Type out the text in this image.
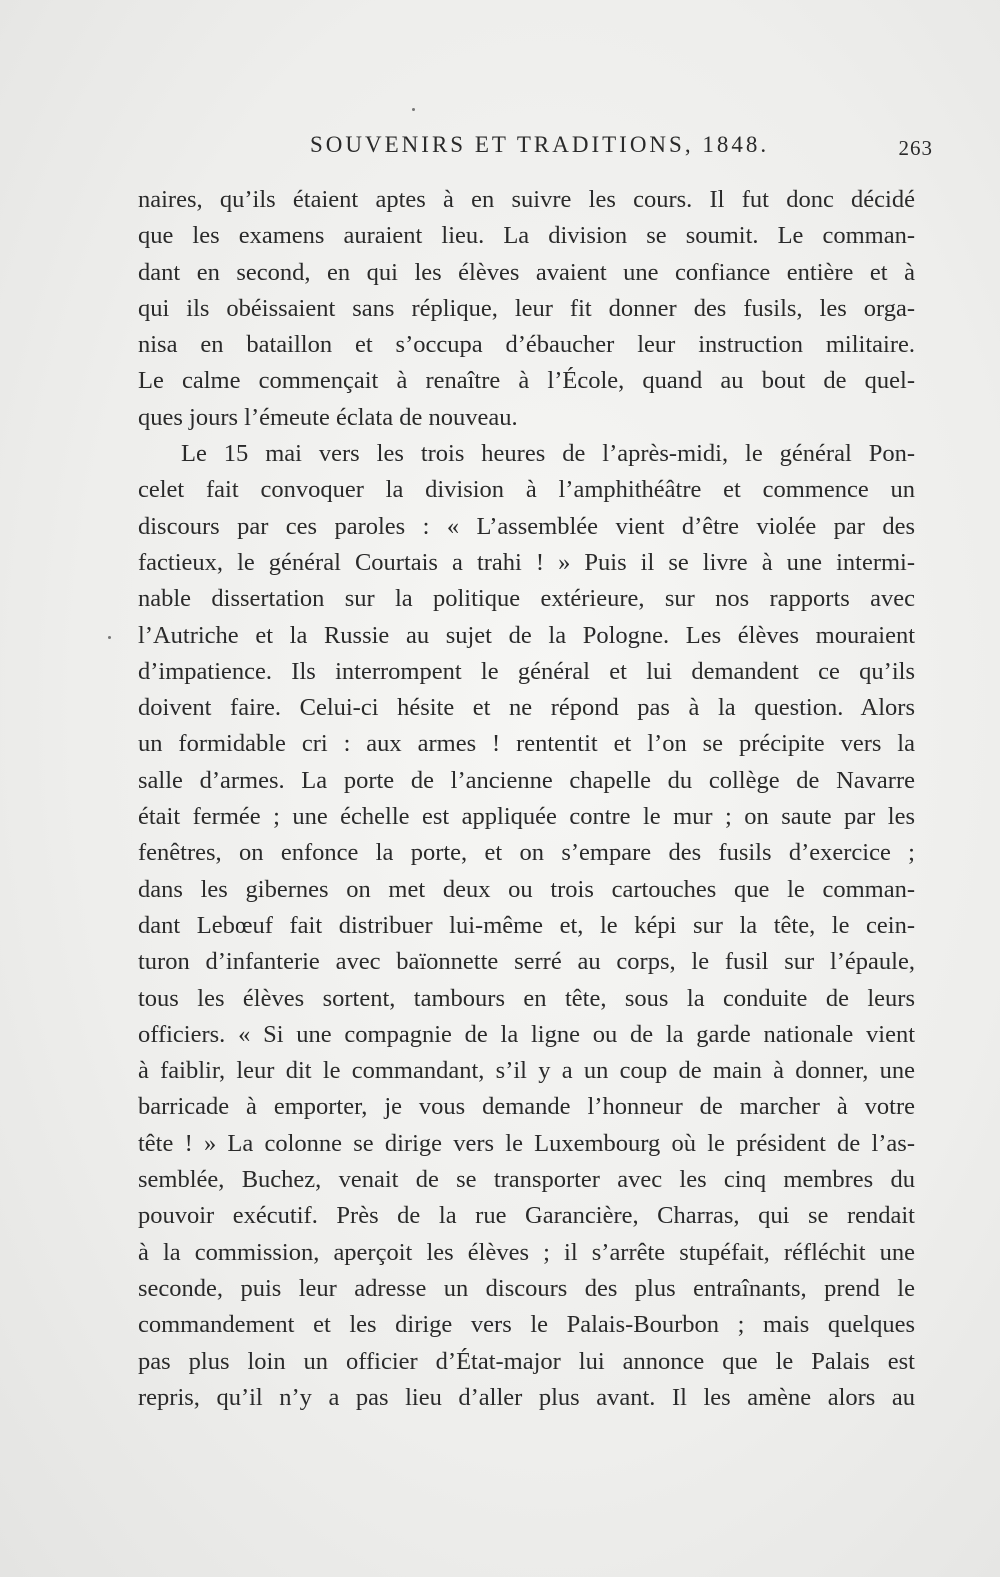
SOUVENIRS ET TRADITIONS, 1848.	263
naires, qu’ils étaient aptes à en suivre les cours. Il fut donc décidé
que les examens auraient lieu. La division se soumit. Le comman-
dant en second, en qui les élèves avaient une confiance entière et à
qui ils obéissaient sans réplique, leur fit donner des fusils, les orga-
nisa en bataillon et s’occupa d’ébaucher leur instruction militaire.
Le calme commençait à renaître à l’École, quand au bout de quel-
ques jours l’émeute éclata de nouveau.
Le 15 mai vers les trois heures de l’après-midi, le général Pon-
celet fait convoquer la division à l’amphithéâtre et commence un
discours par ces paroles : « L’assemblée vient d’être violée par des
factieux, le général Courtais a trahi ! » Puis il se livre à une intermi-
nable dissertation sur la politique extérieure, sur nos rapports avec
l’Autriche et la Russie au sujet de la Pologne. Les élèves mouraient
d’impatience. Ils interrompent le général et lui demandent ce qu’ils
doivent faire. Celui-ci hésite et ne répond pas à la question. Alors
un formidable cri : aux armes ! rententit et l’on se précipite vers la
salle d’armes. La porte de l’ancienne chapelle du collège de Navarre
était fermée ; une échelle est appliquée contre le mur ; on saute par les
fenêtres, on enfonce la porte, et on s’empare des fusils d’exercice ;
dans les gibernes on met deux ou trois cartouches que le comman-
dant Lebœuf fait distribuer lui-même et, le képi sur la tête, le cein-
turon d’infanterie avec baïonnette serré au corps, le fusil sur l’épaule,
tous les élèves sortent, tambours en tête, sous la conduite de leurs
officiers. « Si une compagnie de la ligne ou de la garde nationale vient
à faiblir, leur dit le commandant, s’il y a un coup de main à donner, une
barricade à emporter, je vous demande l’honneur de marcher à votre
tête ! » La colonne se dirige vers le Luxembourg où le président de l’as-
semblée, Buchez, venait de se transporter avec les cinq membres du
pouvoir exécutif. Près de la rue Garancière, Charras, qui se rendait
à la commission, aperçoit les élèves ; il s’arrête stupéfait, réfléchit une
seconde, puis leur adresse un discours des plus entraînants, prend le
commandement et les dirige vers le Palais-Bourbon ; mais quelques
pas plus loin un officier d’État-major lui annonce que le Palais est
repris, qu’il n’y a pas lieu d’aller plus avant. Il les amène alors au
